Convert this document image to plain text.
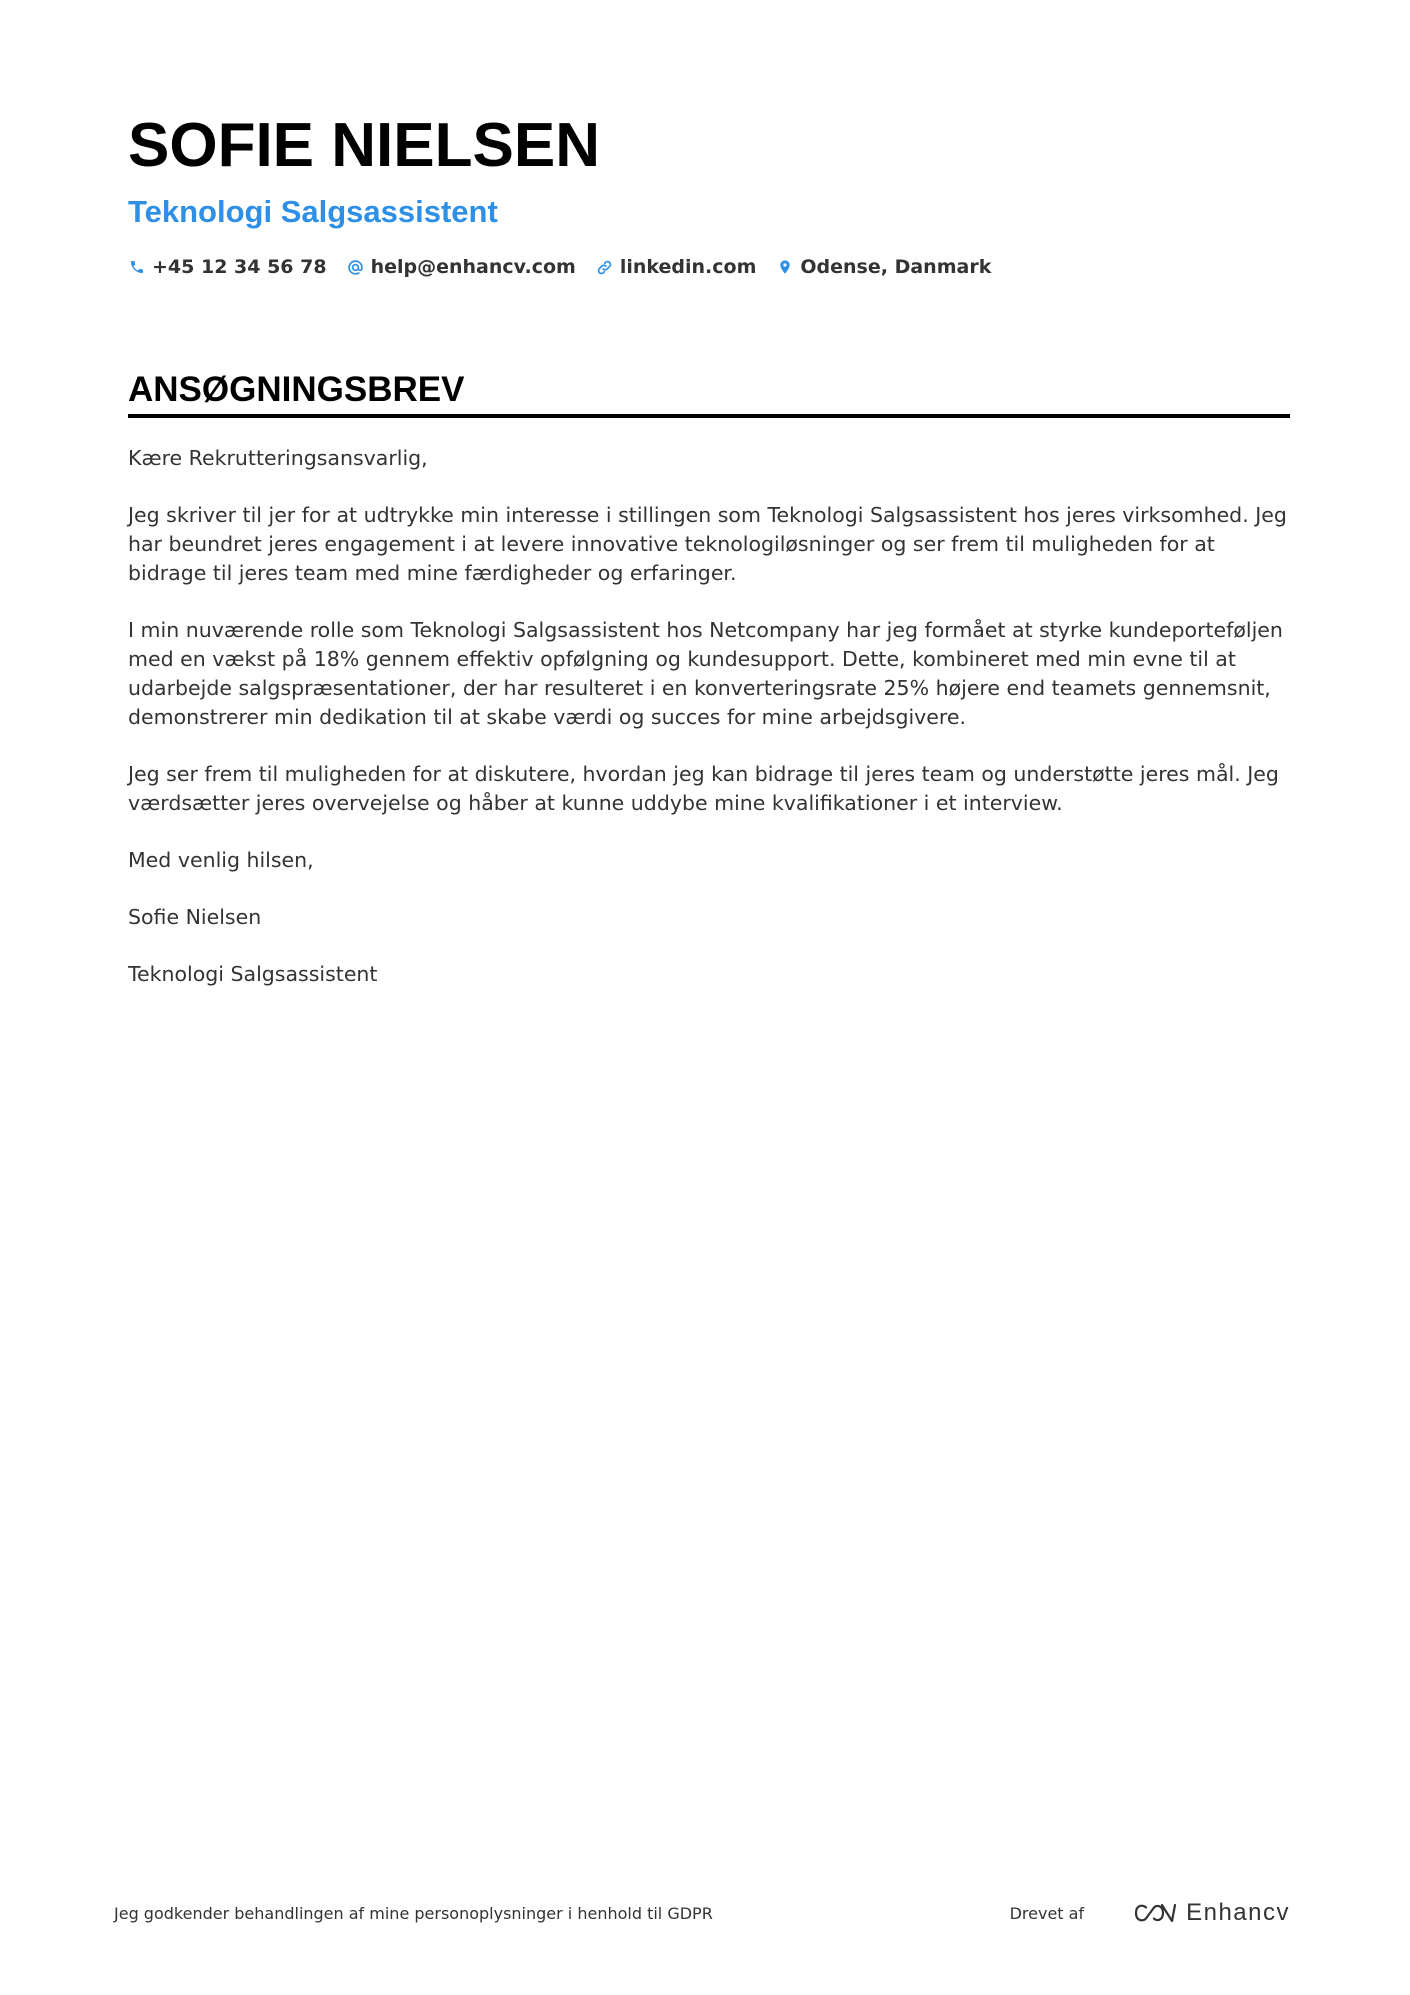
SOFIE NIELSEN
Teknologi Salgsassistent
+45 12 34 56 78 help@enhancv.com linkedin.com Odense, Danmark
ANSØGNINGSBREV

Kære Rekrutteringsansvarlig,

Jeg skriver til jer for at udtrykke min interesse i stillingen som Teknologi Salgsassistent hos jeres virksomhed. Jeg har beundret jeres engagement i at levere innovative teknologiløsninger og ser frem til muligheden for at bidrage til jeres team med mine færdigheder og erfaringer.

I min nuværende rolle som Teknologi Salgsassistent hos Netcompany har jeg formået at styrke kundeporteføljen med en vækst på 18% gennem effektiv opfølgning og kundesupport. Dette, kombineret med min evne til at udarbejde salgspræsentationer, der har resulteret i en konverteringsrate 25% højere end teamets gennemsnit, demonstrerer min dedikation til at skabe værdi og succes for mine arbejdsgivere.

Jeg ser frem til muligheden for at diskutere, hvordan jeg kan bidrage til jeres team og understøtte jeres mål. Jeg værdsætter jeres overvejelse og håber at kunne uddybe mine kvalifikationer i et interview.

Med venlig hilsen,

Sofie Nielsen

Teknologi Salgsassistent

Jeg godkender behandlingen af mine personoplysninger i henhold til GDPR	Drevet af	Enhancv
